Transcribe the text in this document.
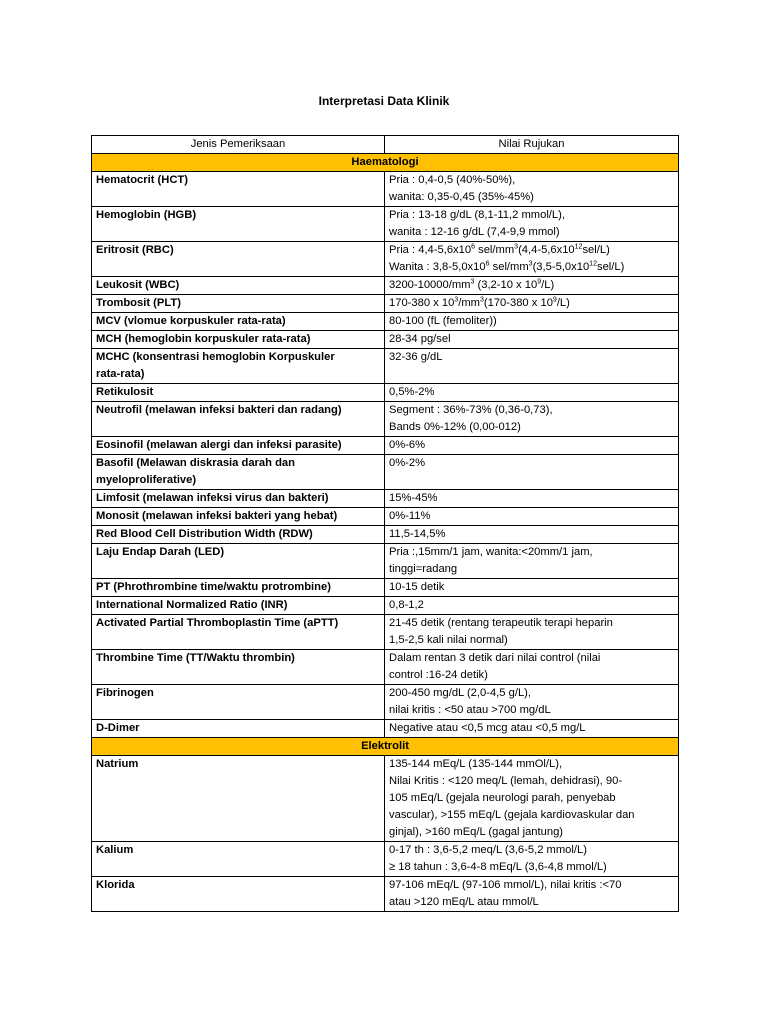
Interpretasi Data Klinik
Jenis Pemeriksaan	Nilai Rujukan
Haematologi	
Hematocrit (HCT)	Pria : 0,4-0,5 (40%-50%),
wanita: 0,35-0,45 (35%-45%)

Hemoglobin (HGB)	Pria : 13-18 g/dL (8,1-11,2 mmol/L),
wanita : 12-16 g/dL (7,4-9,9 mmol)

Eritrosit (RBC)	Pria : $4,4-5,6x10^6$ sel/$mm^3(4,4-5,6x10^{12}sel/L)$
Wanita : $3,8-5,0x10^6$ sel/$mm^3(3,5-5,0x10^{12}sel/L)$

Leukosit (WBC)	$3200-10000/mm^3$ (3,2-10 x $10^9/L$)
Trombosit (PLT)	170-380 x $10^3/mm^3(170-380$ x $10^9/L$)
MCV (vlomue korpuskuler rata-rata)	80-100 (fL (femoliter))
MCH (hemoglobin korpuskuler rata-rata)	28-34 pg/sel

MCHC (konsentrasi hemoglobin Korpuskuler
rata-rata)	32-36 g/dL
Retikulosit	0,5%-2%
Neutrofil (melawan infeksi bakteri dan radang)	Segment : 36%-73% (0,36-0,73),
Bands 0%-12% (0,00-012)

Eosinofil (melawan alergi dan infeksi parasite)	0%-6%

Basofil (Melawan diskrasia darah dan
myeloproliferative)	0%-2%
Limfosit (melawan infeksi virus dan bakteri)	15%-45%
Monosit (melawan infeksi bakteri yang hebat)	0%-11%
Red Blood Cell Distribution Width (RDW)	11,5-14,5%
Laju Endap Darah (LED)	Pria :,15mm/1 jam, wanita:<20mm/1 jam,
tinggi=radang

PT (Phrothrombine time/waktu protrombine)	10-15 detik
International Normalized Ratio (INR)	0,8-1,2
Activated Partial Thromboplastin Time (aPTT)	21-45 detik (rentang terapeutik terapi heparin
1,5-2,5 kali nilai normal)

Thrombine Time (TT/Waktu thrombin)	Dalam rentan 3 detik dari nilai control (nilai
control :16-24 detik)

Fibrinogen	200-450 mg/dL (2,0-4,5 g/L),
nilai kritis : <50 atau >700 mg/dL

D-Dimer	Negative atau <0,5 mcg atau <0,5 mg/L
Elektrolit	
Natrium	135-144 mEq/L (135-144 mmOl/L),
Nilai Kritis : <120 meq/L (lemah, dehidrasi), 90-
105 mEq/L (gejala neurologi parah, penyebab
vascular), >155 mEq/L (gejala kardiovaskular dan
ginjal), >160 mEq/L (gagal jantung)

Kalium	0-17 th : 3,6-5,2 meq/L (3,6-5,2 mmol/L)
≥ 18 tahun : 3,6-4-8 mEq/L (3,6-4,8 mmol/L)

Klorida	97-106 mEq/L (97-106 mmol/L), nilai kritis :<70
atau >120 mEq/L atau mmol/L
